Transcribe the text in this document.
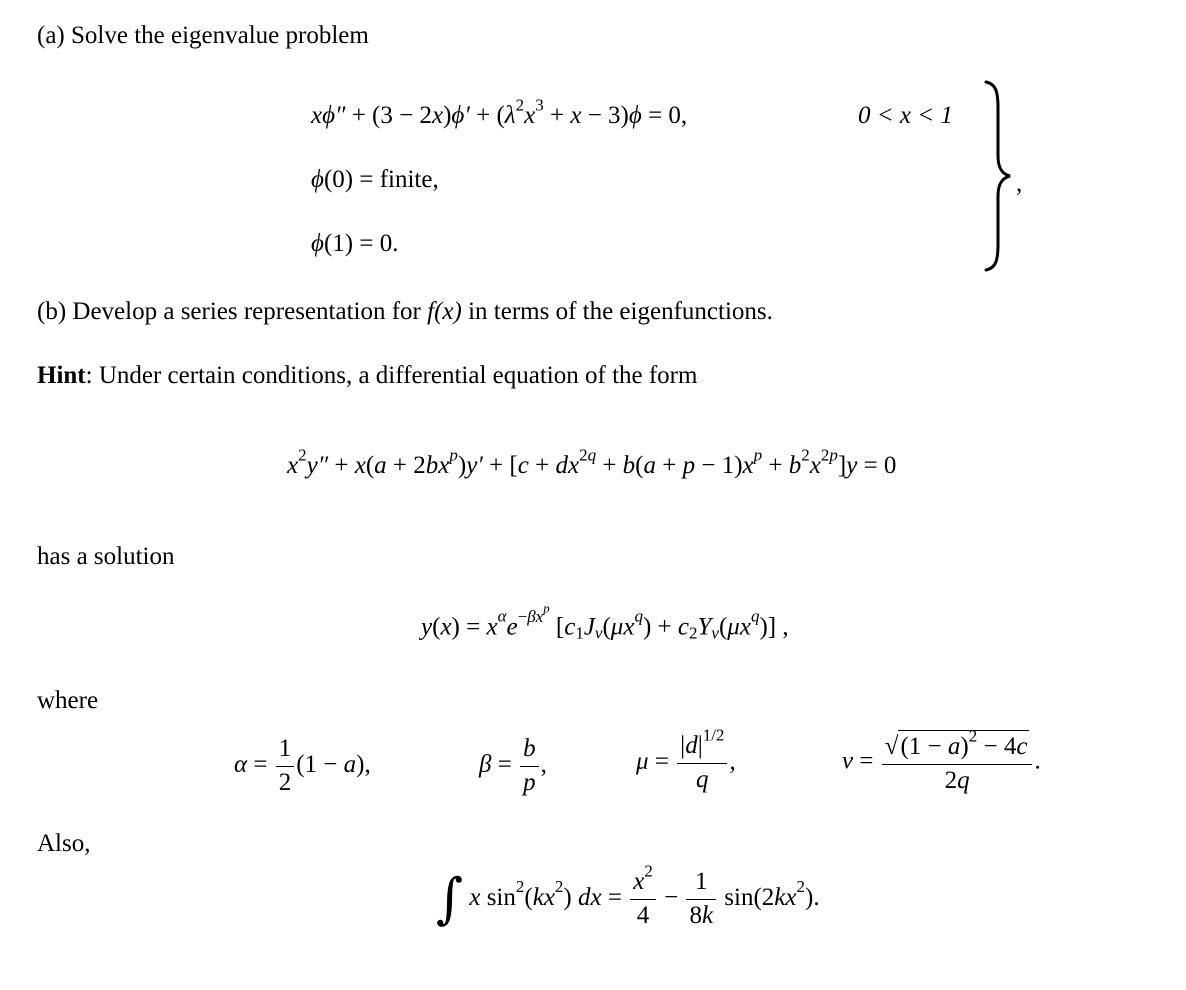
(a) Solve the eigenvalue problem
$x\phi'' + (3 - 2x)\phi' + (\lambda^2x^3 + x - 3)\phi = 0$,	0 < x < 1
ϕ(0) = finite,
ϕ(1) = 0.
,
(b) Develop a series representation for f(x) in terms of the eigenfunctions.
Hint: Under certain conditions, a differential equation of the form
$x^2y'' + x(a + 2bx^p)y' + [c + dx^{2q} + b(a + p - 1)x^p + b^2x^{2p}]y = 0$
has a solution
$y(x) = x^\alpha e^{-\beta x^p}$ $[c_1J_\nu(\mu x^q) + c_2Y_\nu(\mu x^q)]$ ,
where
$\alpha = \frac{1}{2} (1 - a)$,	$\beta = \frac{b}{p}$ ,	$\mu = \frac{|d|^{1/2}}{q}$ ,	$\nu = \frac{√(1 - a)^2 - 4c}{2q}$ .
Also,
∫ x $\sin^2(kx^2)$ dx = $\frac{x^2}{4} - \frac{1}{8k} \sin(2kx^2)$.
